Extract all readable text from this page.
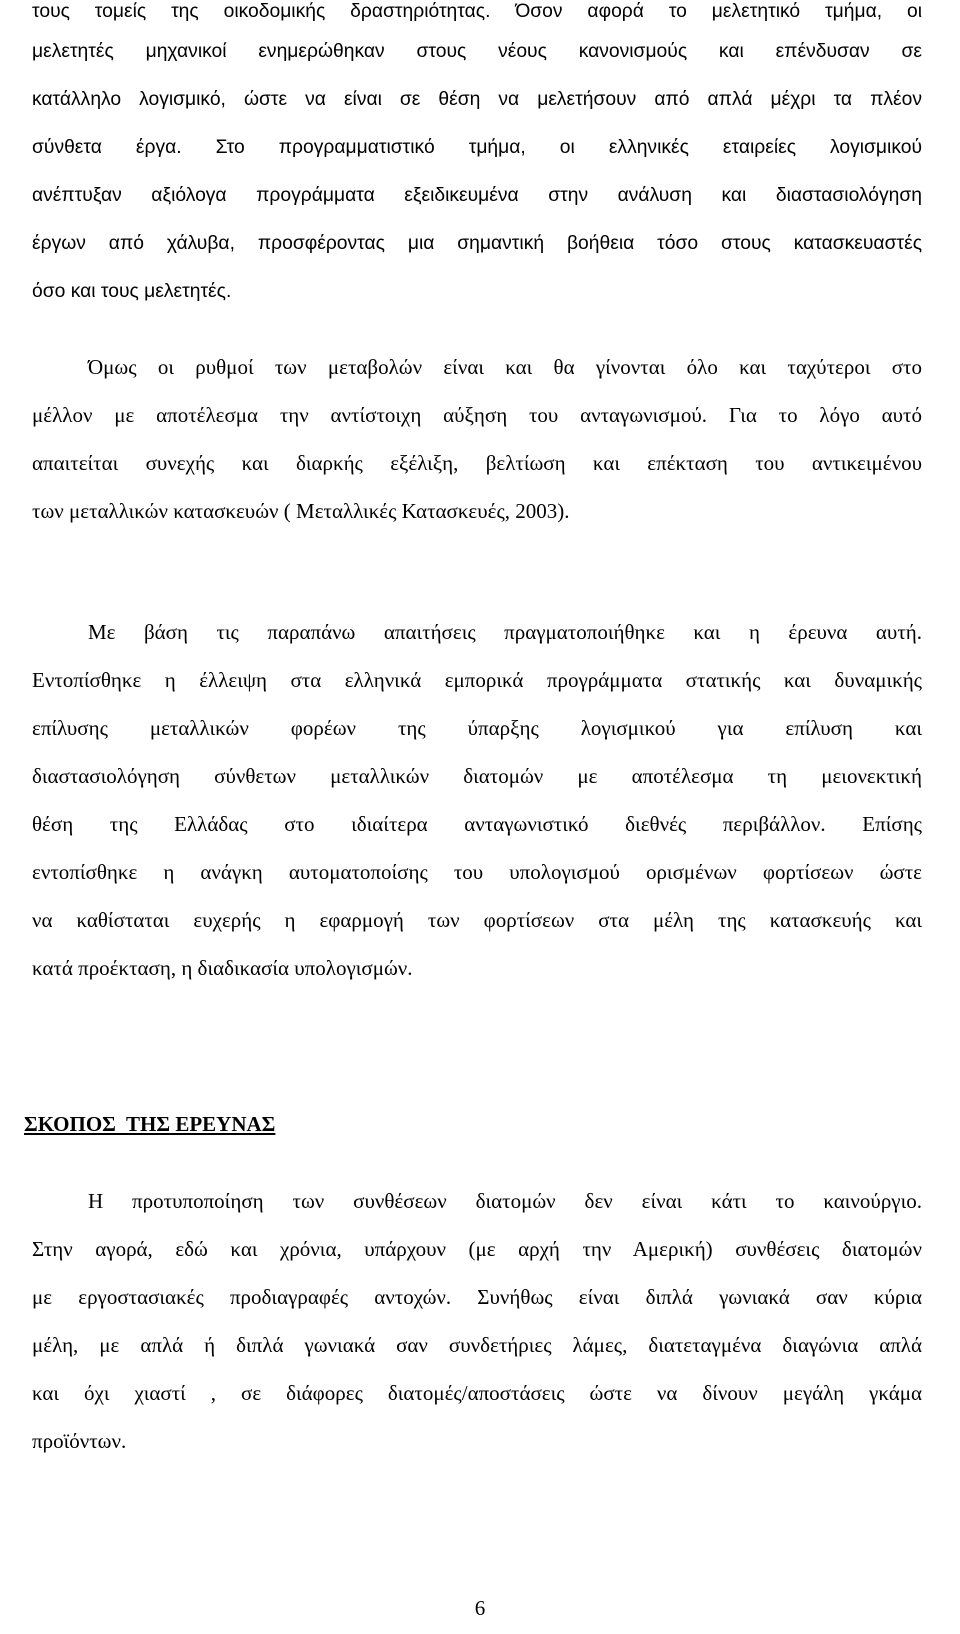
τους τομείς της οικοδομικής δραστηριότητας. Όσον αφορά το μελετητικό τμήμα, οι
μελετητές μηχανικοί ενημερώθηκαν στους νέους κανονισμούς και επένδυσαν σε
κατάλληλο λογισμικό, ώστε να είναι σε θέση να μελετήσουν από απλά μέχρι τα πλέον
σύνθετα έργα. Στο προγραμματιστικό τμήμα, οι ελληνικές εταιρείες λογισμικού
ανέπτυξαν αξιόλογα προγράμματα εξειδικευμένα στην ανάλυση και διαστασιολόγηση
έργων από χάλυβα, προσφέροντας μια σημαντική βοήθεια τόσο στους κατασκευαστές
όσο και τους μελετητές.
Όμως οι ρυθμοί των μεταβολών είναι και θα γίνονται όλο και ταχύτεροι στο
μέλλον με αποτέλεσμα την αντίστοιχη αύξηση του ανταγωνισμού. Για το λόγο αυτό
απαιτείται συνεχής και διαρκής εξέλιξη, βελτίωση και επέκταση του αντικειμένου
των μεταλλικών κατασκευών ( Μεταλλικές Κατασκευές, 2003).
Με βάση τις παραπάνω απαιτήσεις πραγματοποιήθηκε και η έρευνα αυτή.
Εντοπίσθηκε η έλλειψη στα ελληνικά εμπορικά προγράμματα στατικής και δυναμικής
επίλυσης μεταλλικών φορέων της ύπαρξης λογισμικού για επίλυση και
διαστασιολόγηση σύνθετων μεταλλικών διατομών με αποτέλεσμα τη μειονεκτική
θέση της Ελλάδας στο ιδιαίτερα ανταγωνιστικό διεθνές περιβάλλον. Επίσης
εντοπίσθηκε η ανάγκη αυτοματοποίσης του υπολογισμού ορισμένων φορτίσεων ώστε
να καθίσταται ευχερής η εφαρμογή των φορτίσεων στα μέλη της κατασκευής και
κατά προέκταση, η διαδικασία υπολογισμών.
ΣΚΟΠΟΣ  ΤΗΣ ΕΡΕΥΝΑΣ
Η προτυποποίηση των συνθέσεων διατομών δεν είναι κάτι το καινούργιο.
Στην αγορά, εδώ και χρόνια, υπάρχουν (με αρχή την Αμερική) συνθέσεις διατομών
με εργοστασιακές προδιαγραφές αντοχών. Συνήθως είναι διπλά γωνιακά σαν κύρια
μέλη, με απλά ή διπλά γωνιακά σαν συνδετήριες λάμες, διατεταγμένα διαγώνια απλά
και όχι χιαστί , σε διάφορες διατομές/αποστάσεις ώστε να δίνουν μεγάλη γκάμα
προϊόντων.
6
